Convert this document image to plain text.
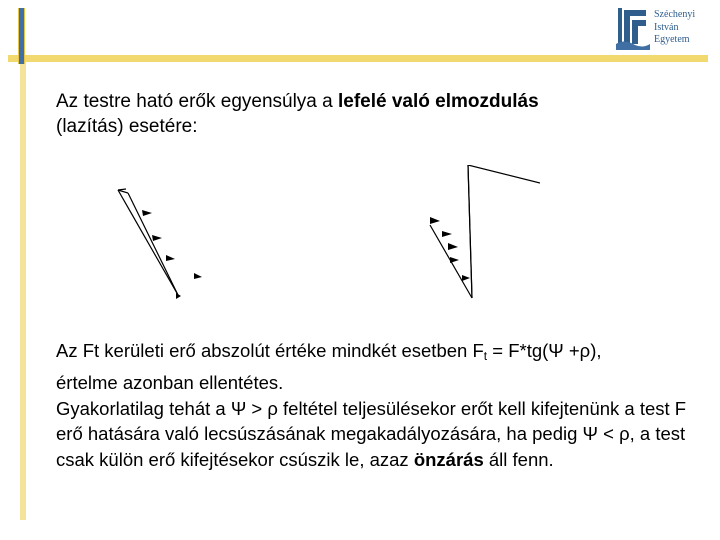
Széchenyi
István
Egyetem
Az testre ható erők egyensúlya a lefelé való elmozdulás
(lazítás) esetére:

Az Ft kerületi erő abszolút értéke mindkét esetben $F_t = F*tg(\Psi +\rho)$,
értelme azonban ellentétes.

Gyakorlatilag tehát a Ψ > ρ feltétel teljesülésekor erőt kell kifejtenünk a test F erő hatására való lecsúszásának megakadályozására, ha pedig Ψ < ρ, a test csak külön erő kifejtésekor csúszik le, azaz önzárás áll fenn.
